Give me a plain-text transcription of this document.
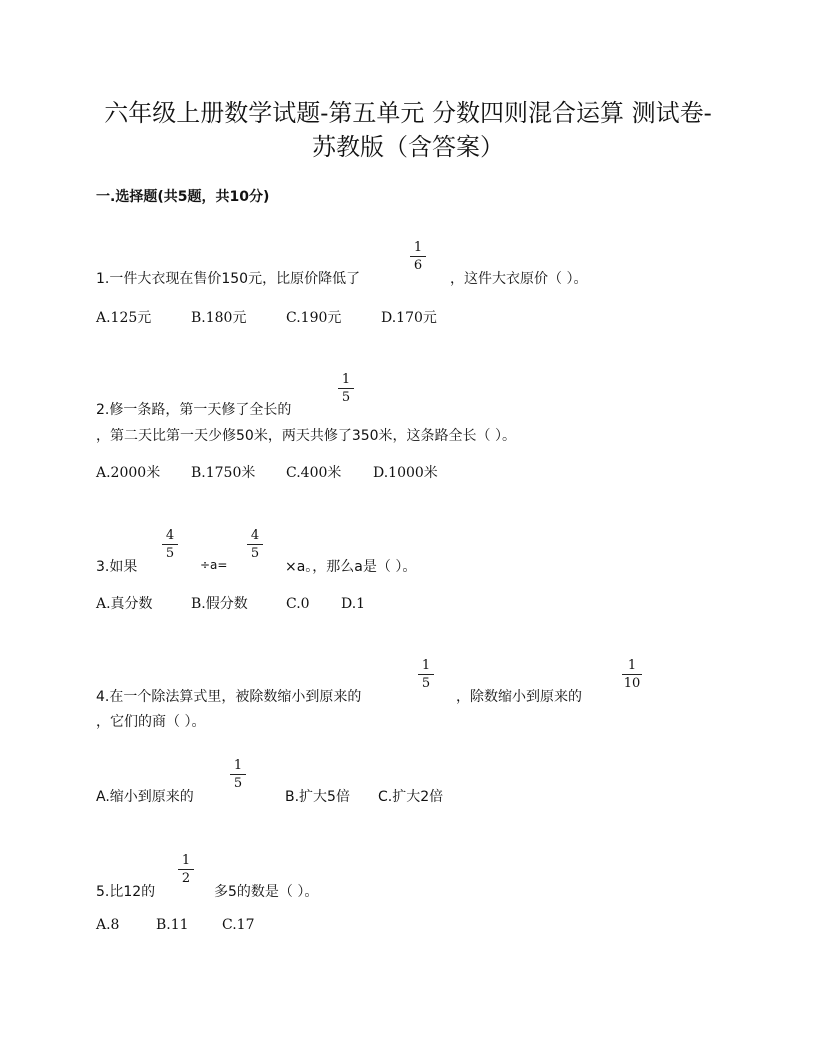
六年级上册数学试题-第五单元 分数四则混合运算 测试卷-
苏教版（含答案）
一.选择题(共5题，共10分)
1.一件大衣现在售价150元，比原价降低了
1
6
，这件大衣原价（ ）。
A.125元	B.180元	C.190元	D.170元
2.修一条路，第一天修了全长的
1
5
，第二天比第一天少修50米，两天共修了350米，这条路全长（ ）。
A.2000米 B.1750米 C.400米 D.1000米
3.如果
4
5
÷a=
4
5
×a。，那么a是（ ）。
A.真分数	B.假分数	C.0 D.1
4.在一个除法算式里，被除数缩小到原来的
1
5
，除数缩小到原来的
1
10
，它们的商（ ）。
A.缩小到原来的
1
5
B.扩大5倍 C.扩大2倍
5.比12的
1
2
多5的数是（ ）。
A.8	B.11 C.17
